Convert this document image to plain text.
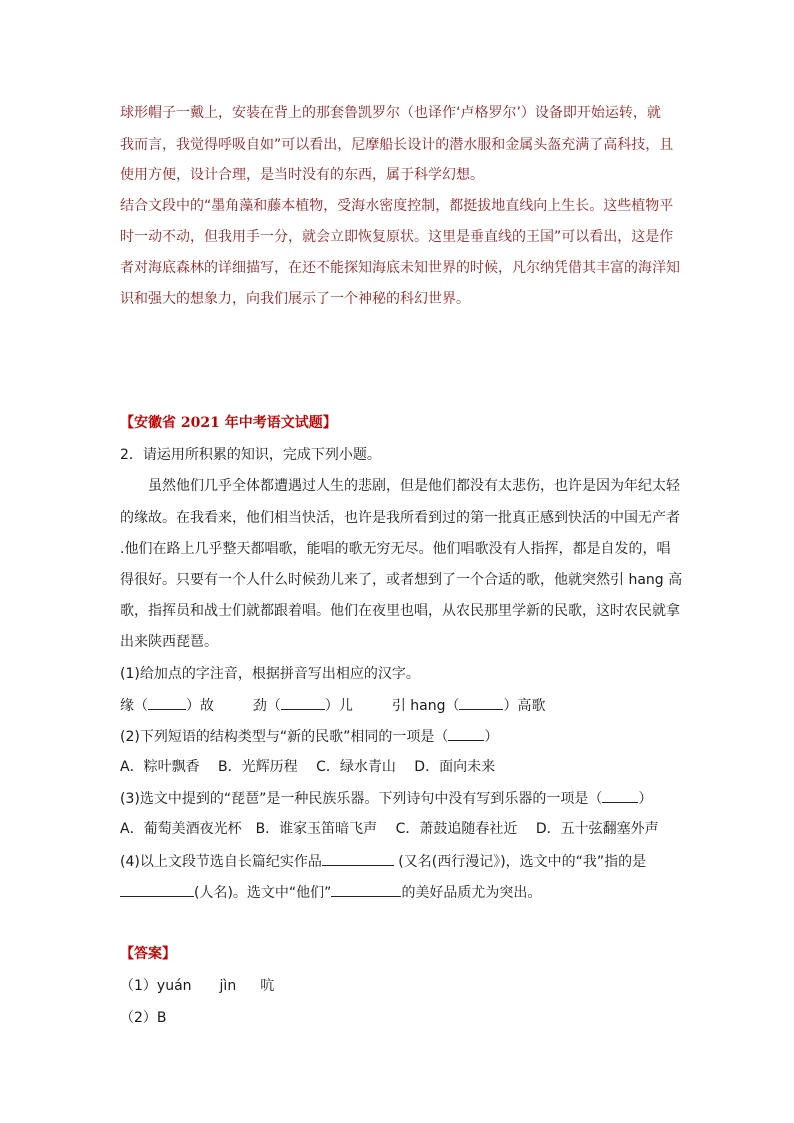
球形帽子一戴上，安装在背上的那套鲁凯罗尔（也译作‘卢格罗尔’）设备即开始运转，就
我而言，我觉得呼吸自如”可以看出，尼摩船长设计的潜水服和金属头盔充满了高科技，且
使用方便，设计合理，是当时没有的东西，属于科学幻想。
结合文段中的“墨角藻和藤本植物，受海水密度控制，都挺拔地直线向上生长。这些植物平
时一动不动，但我用手一分，就会立即恢复原状。这里是垂直线的王国”可以看出，这是作
者对海底森林的详细描写，在还不能探知海底未知世界的时候，凡尔纳凭借其丰富的海洋知
识和强大的想象力，向我们展示了一个神秘的科幻世界。
【安徽省 2021 年中考语文试题】
2．请运用所积累的知识，完成下列小题。
虽然他们几乎全体都遭遇过人生的悲剧，但是他们都没有太悲伤，也许是因为年纪太轻
的缘故。在我看来，他们相当快活，也许是我所看到过的第一批真正感到快活的中国无产者
.他们在路上几乎整天都唱歌，能唱的歌无穷无尽。他们唱歌没有人指挥，都是自发的，唱
得很好。只要有一个人什么时候劲儿来了，或者想到了一个合适的歌，他就突然引 hang 高
歌，指挥员和战士们就都跟着唱。他们在夜里也唱，从农民那里学新的民歌，这时农民就拿
出来陕西琵琶。
(1)给加点的字注音，根据拼音写出相应的汉字。
缘（	）故	劲（	）儿	引 hang（	）高歌
(2)下列短语的结构类型与“新的民歌”相同的一项是（	）
A．粽叶飘香　 B．光辉历程　 C．绿水青山　 D．面向未来
(3)选文中提到的“琵琶”是一种民族乐器。下列诗句中没有写到乐器的一项是（	）
A．葡萄美酒夜光杯　B．谁家玉笛暗飞声　 C．萧鼓追随春社近　 D．五十弦翻塞外声
(4)以上文段节选自长篇纪实作品	(又名(西行漫记》)，选文中的“我”指的是
(人名)。选文中“他们”	的美好品质尤为突出。
【答案】
（1）yuán jìn 吭
（2）B
